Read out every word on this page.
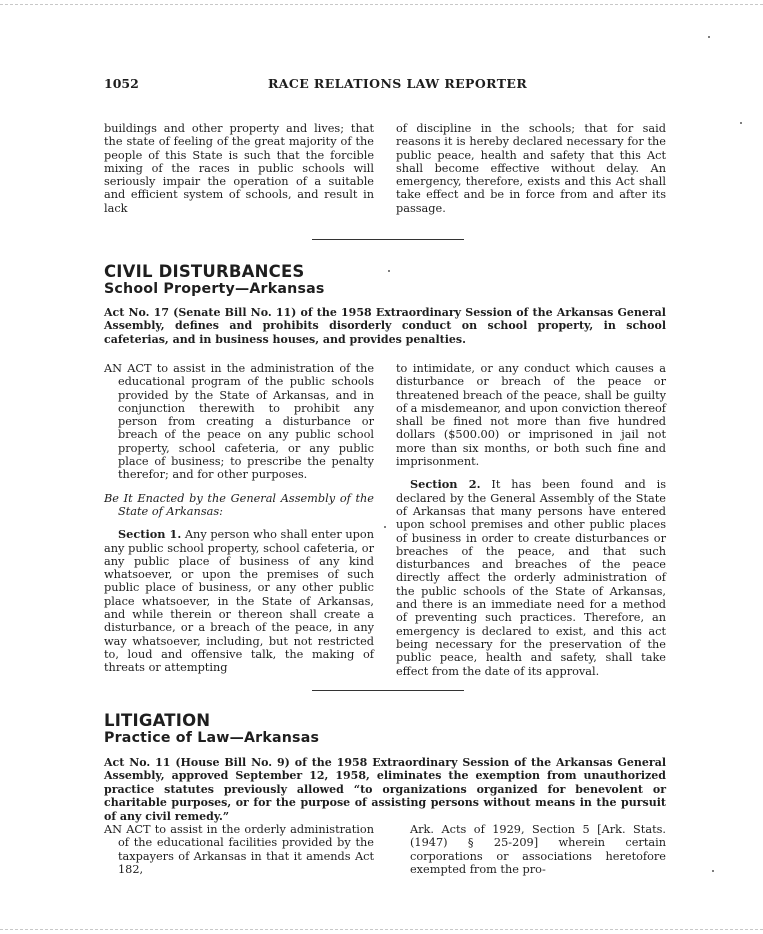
1052	RACE RELATIONS LAW REPORTER

buildings and other property and lives; that the state of feeling of the great majority of the people of this State is such that the forcible mixing of the races in public schools will seriously impair the operation of a suitable and efficient system of schools, and result in lack

of discipline in the schools; that for said reasons it is hereby declared necessary for the public peace, health and safety that this Act shall become effective without delay. An emergency, therefore, exists and this Act shall take effect and be in force from and after its passage.

CIVIL DISTURBANCES
School Property—Arkansas
Act No. 17 (Senate Bill No. 11) of the 1958 Extraordinary Session of the Arkansas General Assembly, defines and prohibits disorderly conduct on school property, in school cafeterias, and in business houses, and provides penalties.

AN ACT to assist in the administration of the educational program of the public schools provided by the State of Arkansas, and in conjunction therewith to prohibit any person from creating a disturbance or breach of the peace on any public school property, school cafeteria, or any public place of business; to prescribe the penalty therefor; and for other purposes.

Be It Enacted by the General Assembly of the State of Arkansas:

Section 1. Any person who shall enter upon any public school property, school cafeteria, or any public place of business of any kind whatsoever, or upon the premises of such public place of business, or any other public place whatsoever, in the State of Arkansas, and while therein or thereon shall create a disturbance, or a breach of the peace, in any way whatsoever, including, but not restricted to, loud and offensive talk, the making of threats or attempting

to intimidate, or any conduct which causes a disturbance or breach of the peace or threatened breach of the peace, shall be guilty of a misdemeanor, and upon conviction thereof shall be fined not more than five hundred dollars ($500.00) or imprisoned in jail not more than six months, or both such fine and imprisonment.

Section 2. It has been found and is declared by the General Assembly of the State of Arkansas that many persons have entered upon school premises and other public places of business in order to create disturbances or breaches of the peace, and that such disturbances and breaches of the peace directly affect the orderly administration of the public schools of the State of Arkansas, and there is an immediate need for a method of preventing such practices. Therefore, an emergency is declared to exist, and this act being necessary for the preservation of the public peace, health and safety, shall take effect from the date of its approval.

LITIGATION
Practice of Law—Arkansas
Act No. 11 (House Bill No. 9) of the 1958 Extraordinary Session of the Arkansas General Assembly, approved September 12, 1958, eliminates the exemption from unauthorized practice statutes previously allowed “to organizations organized for benevolent or charitable purposes, or for the purpose of assisting persons without means in the pursuit of any civil remedy.”

AN ACT to assist in the orderly administration of the educational facilities provided by the taxpayers of Arkansas in that it amends Act 182,

Ark. Acts of 1929, Section 5 [Ark. Stats. (1947) § 25-209] wherein certain corporations or associations heretofore exempted from the pro-
